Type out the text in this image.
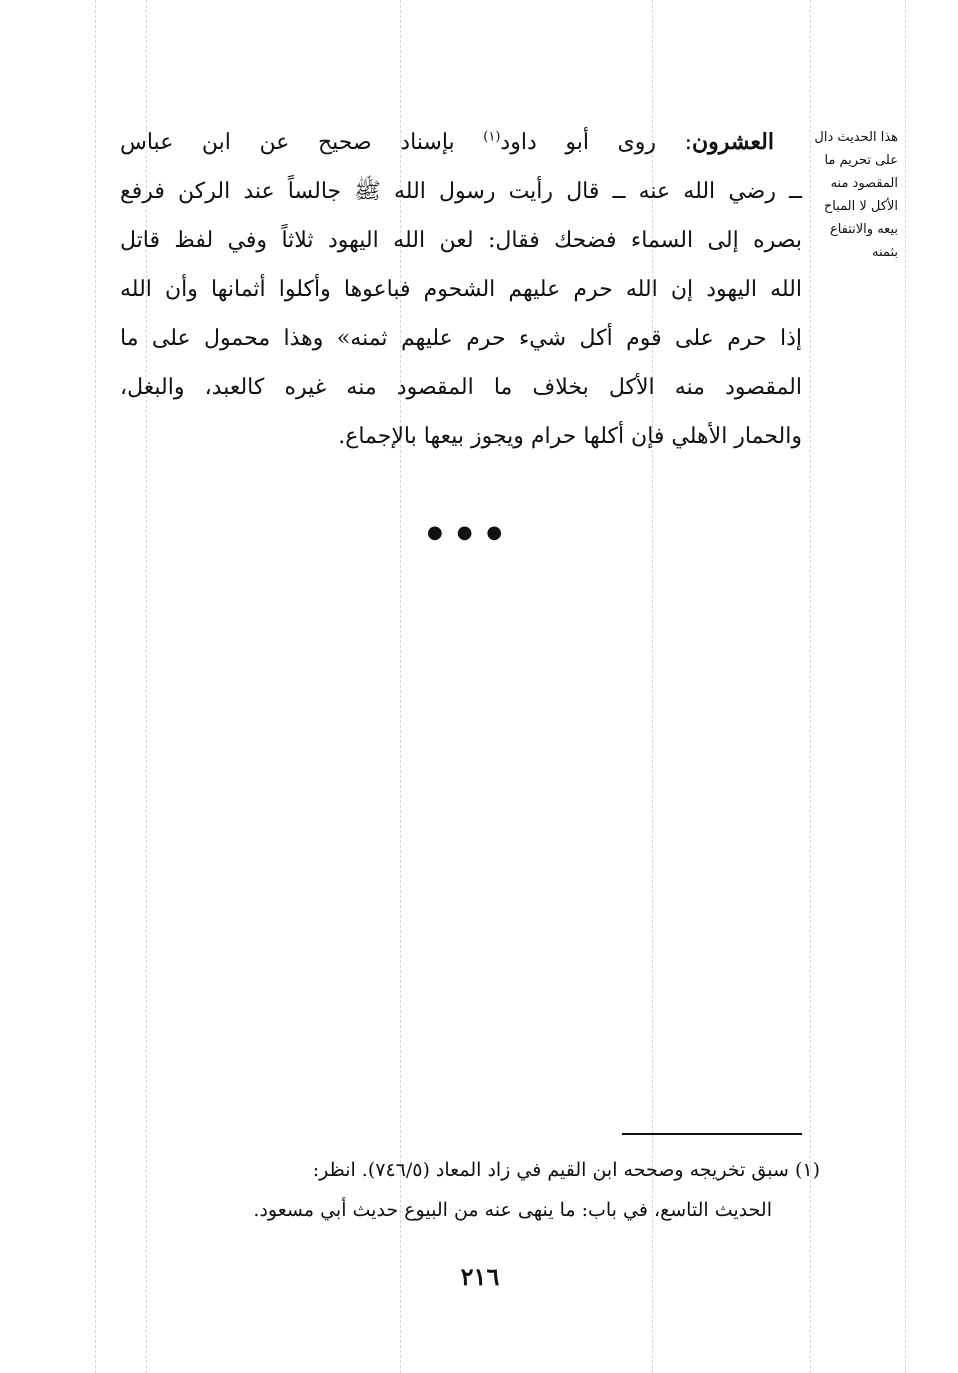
هذا الحديث دال
على تحريم ما
المقصود منه
الأكل لا المباح
بيعه والانتفاع
بثمنه
العشرون: روى أبو داود$^{(١)}$ بإسناد صحيح عن ابن عباس
ــ رضي الله عنه ــ قال رأيت رسول الله ﷺ جالساً عند الركن فرفع
بصره إلى السماء فضحك فقال: لعن الله اليهود ثلاثاً وفي لفظ قاتل
الله اليهود إن الله حرم عليهم الشحوم فباعوها وأكلوا أثمانها وأن الله
إذا حرم على قوم أكل شيء حرم عليهم ثمنه» وهذا محمول على ما
المقصود منه الأكل بخلاف ما المقصود منه غيره كالعبد، والبغل،
والحمار الأهلي فإن أكلها حرام ويجوز بيعها بالإجماع.
●●●
(١) سبق تخريجه وصححه ابن القيم في زاد المعاد (٧٤٦/٥). انظر:
الحديث التاسع، في باب: ما ينهى عنه من البيوع حديث أبي مسعود.
٢١٦
